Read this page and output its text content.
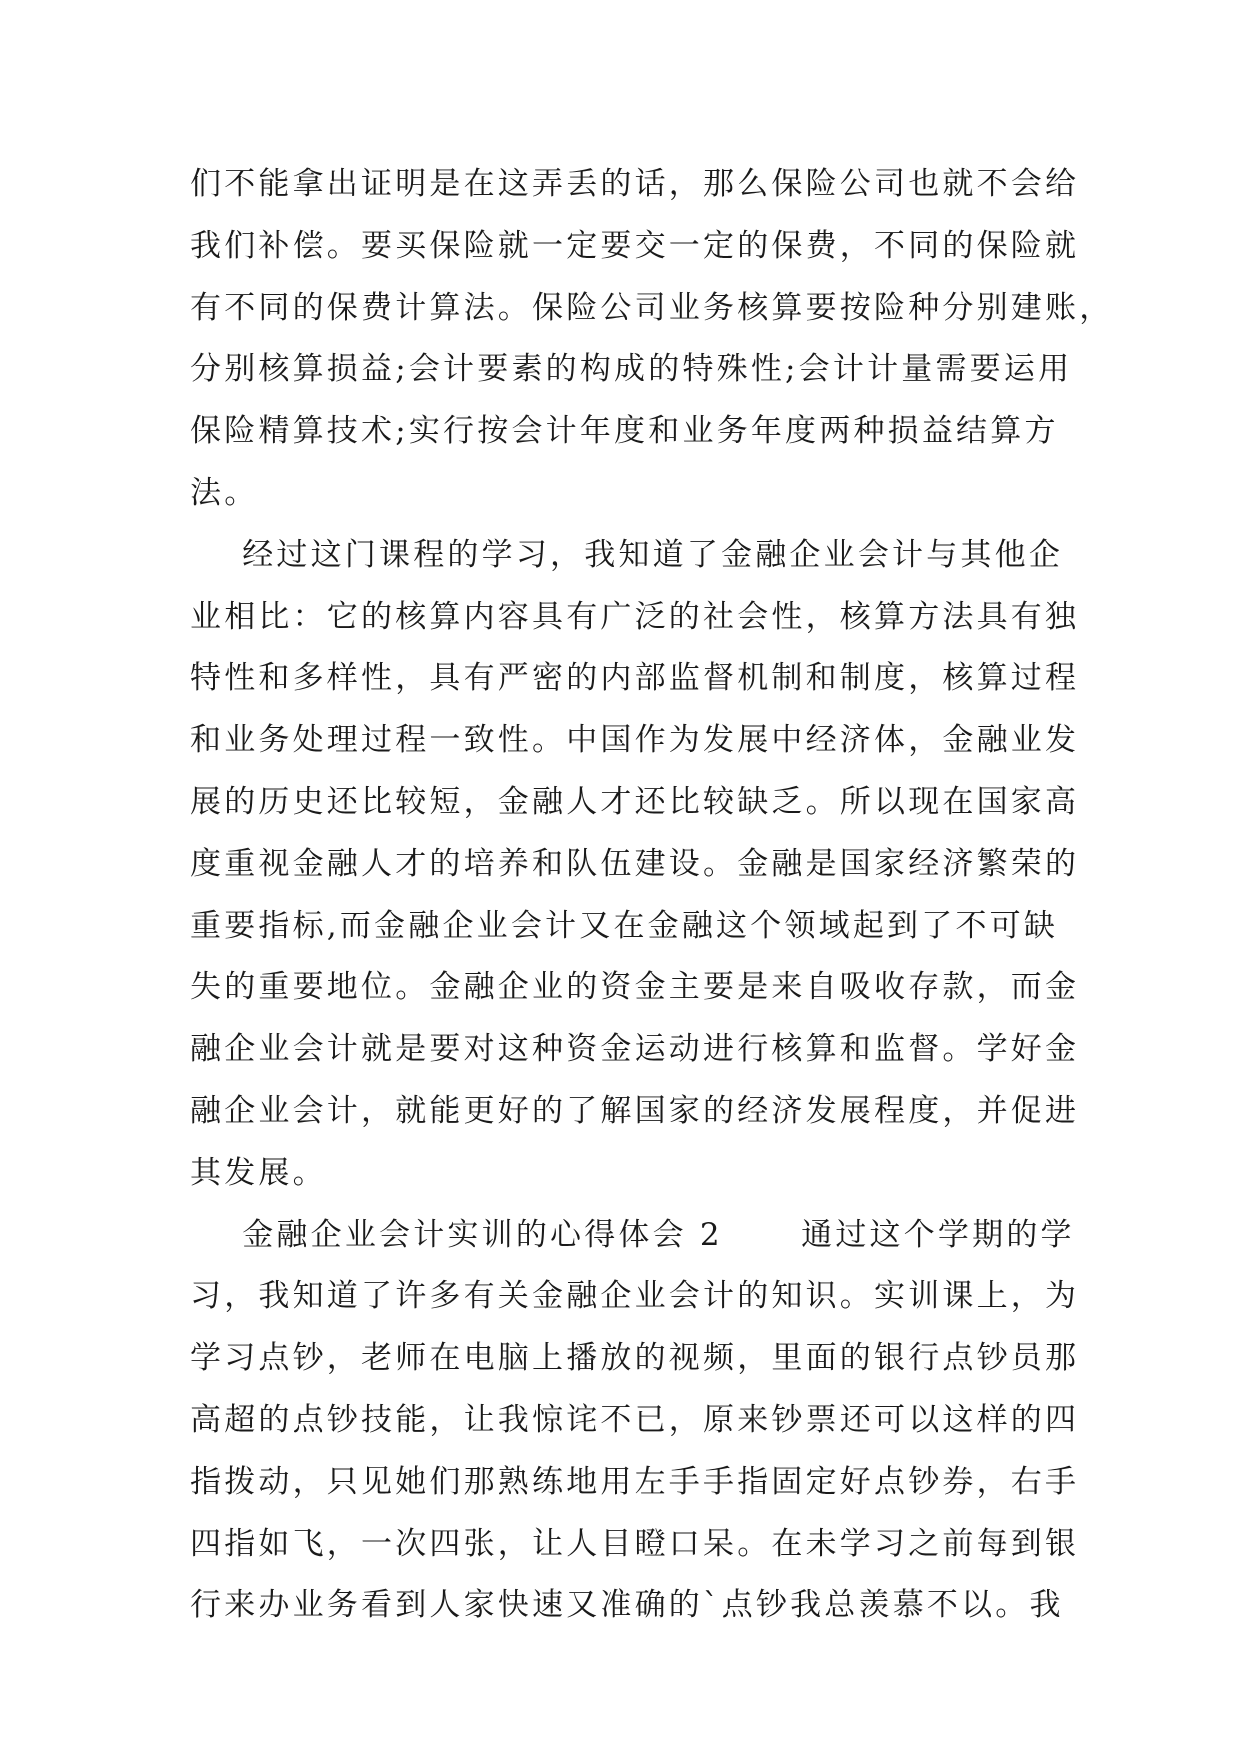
们不能拿出证明是在这弄丢的话，那么保险公司也就不会给
我们补偿。要买保险就一定要交一定的保费，不同的保险就
有不同的保费计算法。保险公司业务核算要按险种分别建账，
分别核算损益;会计要素的构成的特殊性;会计计量需要运用
保险精算技术;实行按会计年度和业务年度两种损益结算方
法。
经过这门课程的学习，我知道了金融企业会计与其他企
业相比：它的核算内容具有广泛的社会性，核算方法具有独
特性和多样性，具有严密的内部监督机制和制度，核算过程
和业务处理过程一致性。中国作为发展中经济体，金融业发
展的历史还比较短，金融人才还比较缺乏。所以现在国家高
度重视金融人才的培养和队伍建设。金融是国家经济繁荣的
重要指标,而金融企业会计又在金融这个领域起到了不可缺
失的重要地位。金融企业的资金主要是来自吸收存款，而金
融企业会计就是要对这种资金运动进行核算和监督。学好金
融企业会计，就能更好的了解国家的经济发展程度，并促进
其发展。
金融企业会计实训的心得体会 2      通过这个学期的学
习，我知道了许多有关金融企业会计的知识。实训课上，为
学习点钞，老师在电脑上播放的视频，里面的银行点钞员那
高超的点钞技能，让我惊诧不已，原来钞票还可以这样的四
指拨动，只见她们那熟练地用左手手指固定好点钞券，右手
四指如飞，一次四张，让人目瞪口呆。在未学习之前每到银
行来办业务看到人家快速又准确的`点钞我总羡慕不以。我
